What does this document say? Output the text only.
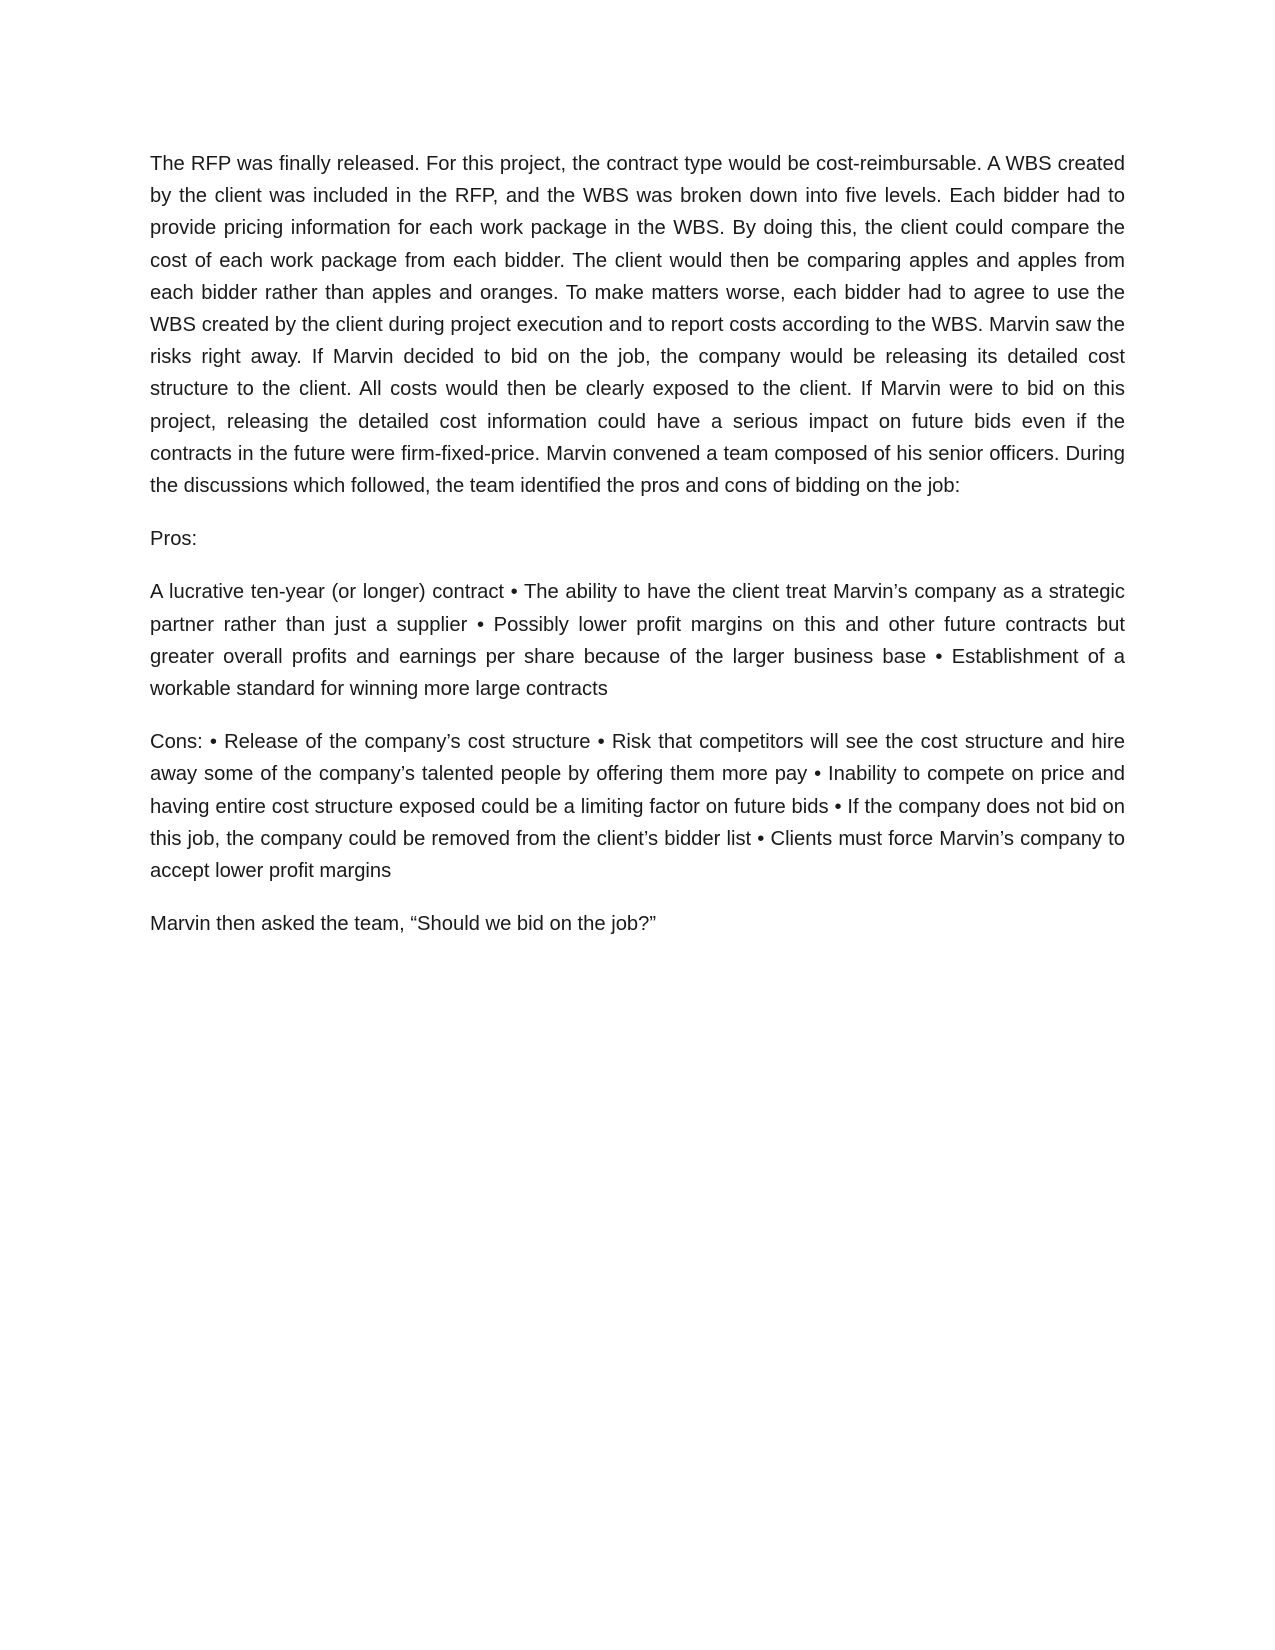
The RFP was finally released. For this project, the contract type would be cost-reimbursable. A WBS created by the client was included in the RFP, and the WBS was broken down into five levels. Each bidder had to provide pricing information for each work package in the WBS. By doing this, the client could compare the cost of each work package from each bidder. The client would then be comparing apples and apples from each bidder rather than apples and oranges. To make matters worse, each bidder had to agree to use the WBS created by the client during project execution and to report costs according to the WBS. Marvin saw the risks right away. If Marvin decided to bid on the job, the company would be releasing its detailed cost structure to the client. All costs would then be clearly exposed to the client. If Marvin were to bid on this project, releasing the detailed cost information could have a serious impact on future bids even if the contracts in the future were firm-fixed-price. Marvin convened a team composed of his senior officers. During the discussions which followed, the team identified the pros and cons of bidding on the job:

Pros:

A lucrative ten-year (or longer) contract • The ability to have the client treat Marvin’s company as a strategic partner rather than just a supplier • Possibly lower profit margins on this and other future contracts but greater overall profits and earnings per share because of the larger business base • Establishment of a workable standard for winning more large contracts

Cons: • Release of the company’s cost structure • Risk that competitors will see the cost structure and hire away some of the company’s talented people by offering them more pay • Inability to compete on price and having entire cost structure exposed could be a limiting factor on future bids • If the company does not bid on this job, the company could be removed from the client’s bidder list • Clients must force Marvin’s company to accept lower profit margins

Marvin then asked the team, “Should we bid on the job?”
